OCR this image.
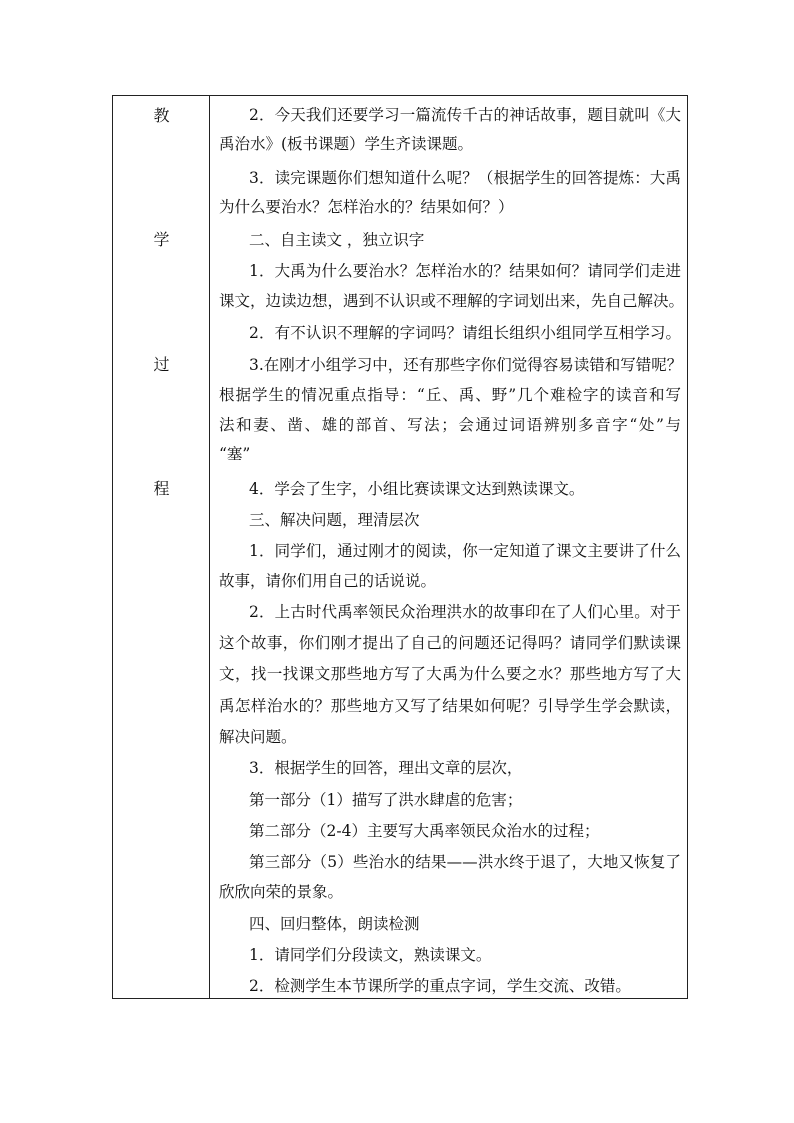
教
学
过
程
2．今天我们还要学习一篇流传千古的神话故事，题目就叫《大
禹治水》(板书课题）学生齐读课题。
3．读完课题你们想知道什么呢？（根据学生的回答提炼：大禹
为什么要治水？怎样治水的？结果如何？）
二、自主读文 ，独立识字
1．大禹为什么要治水？怎样治水的？结果如何？请同学们走进
课文，边读边想，遇到不认识或不理解的字词划出来，先自己解决。
2．有不认识不理解的字词吗？请组长组织小组同学互相学习。
3.在刚才小组学习中，还有那些字你们觉得容易读错和写错呢？
根据学生的情况重点指导：“丘、禹、野”几个难检字的读音和写
法和妻、凿、雄的部首、写法；会通过词语辨别多音字“处”与
“塞”
4．学会了生字，小组比赛读课文达到熟读课文。
三、解决问题，理清层次
1．同学们，通过刚才的阅读，你一定知道了课文主要讲了什么
故事，请你们用自己的话说说。
2．上古时代禹率领民众治理洪水的故事印在了人们心里。对于
这个故事，你们刚才提出了自己的问题还记得吗？请同学们默读课
文，找一找课文那些地方写了大禹为什么要之水？那些地方写了大
禹怎样治水的？那些地方又写了结果如何呢？引导学生学会默读，
解决问题。
3．根据学生的回答，理出文章的层次，
第一部分（1）描写了洪水肆虐的危害；
第二部分（2-4）主要写大禹率领民众治水的过程；
第三部分（5）些治水的结果——洪水终于退了，大地又恢复了
欣欣向荣的景象。
四、回归整体，朗读检测
1．请同学们分段读文，熟读课文。
2．检测学生本节课所学的重点字词，学生交流、改错。
